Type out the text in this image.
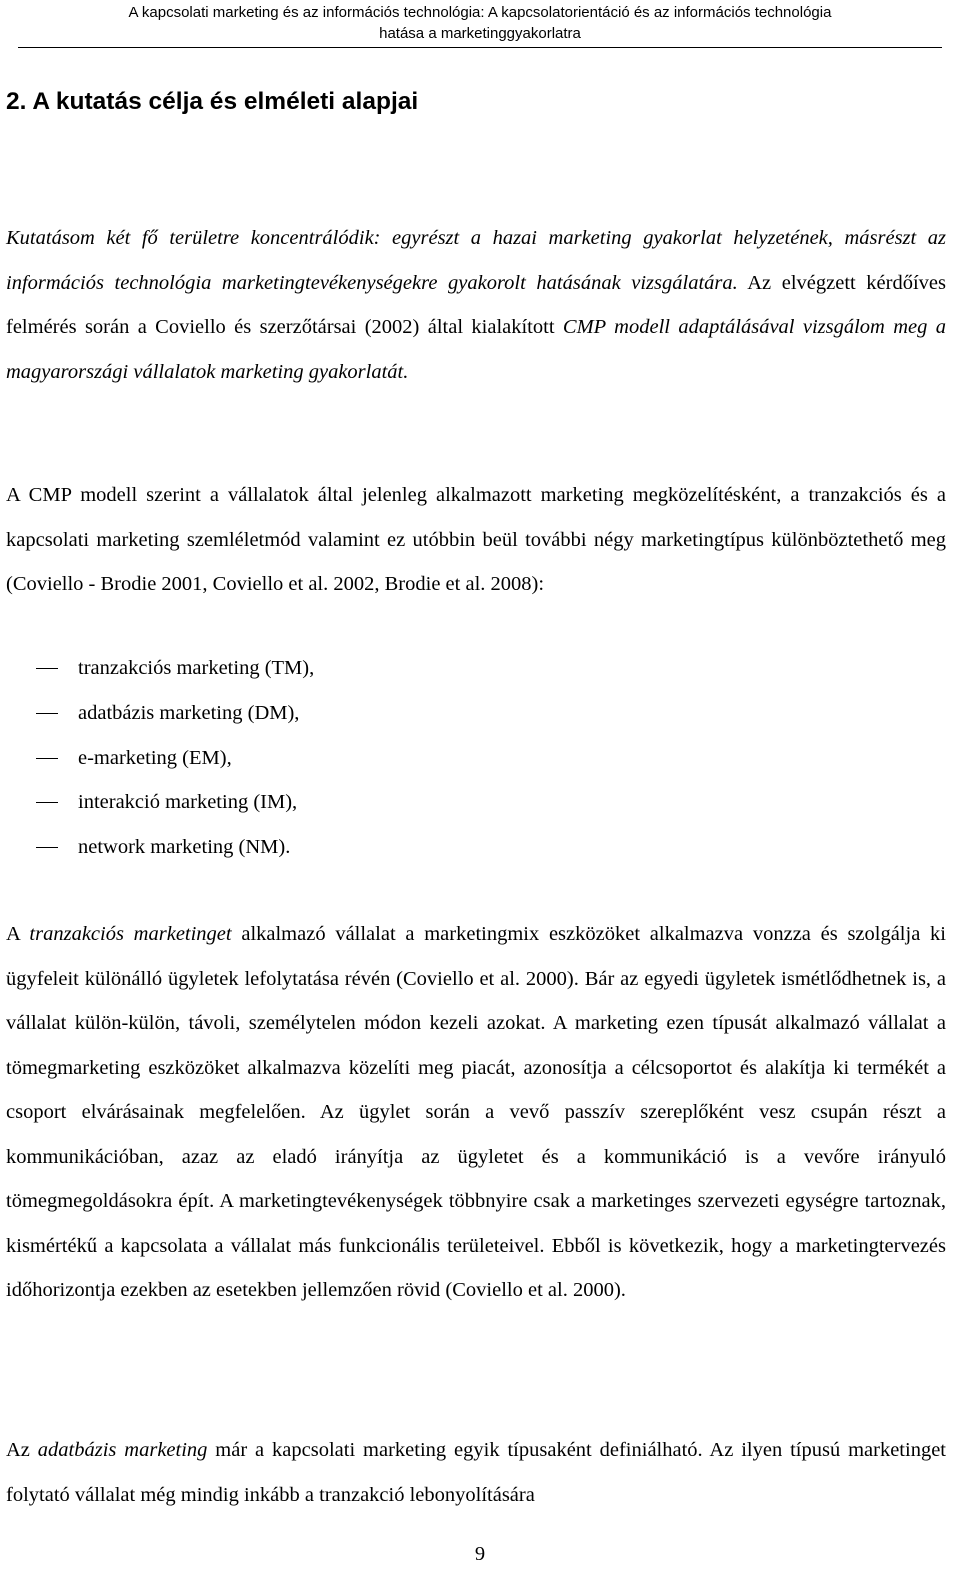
A kapcsolati marketing és az információs technológia: A kapcsolatorientáció és az információs technológia
hatása a marketinggyakorlatra
2. A kutatás célja és elméleti alapjai

Kutatásom két fő területre koncentrálódik: egyrészt a hazai marketing gyakorlat helyzetének, másrészt az információs technológia marketingtevékenységekre gyakorolt hatásának vizsgálatára. Az elvégzett kérdőíves felmérés során a Coviello és szerzőtársai (2002) által kialakított CMP modell adaptálásával vizsgálom meg a magyarországi vállalatok marketing gyakorlatát.

A CMP modell szerint a vállalatok által jelenleg alkalmazott marketing megközelítésként, a tranzakciós és a kapcsolati marketing szemléletmód valamint ez utóbbin beül további négy marketingtípus különböztethető meg (Coviello - Brodie 2001, Coviello et al. 2002, Brodie et al. 2008):

tranzakciós marketing (TM),
adatbázis marketing (DM),
e-marketing (EM),
interakció marketing (IM),
network marketing (NM).

A tranzakciós marketinget alkalmazó vállalat a marketingmix eszközöket alkalmazva vonzza és szolgálja ki ügyfeleit különálló ügyletek lefolytatása révén (Coviello et al. 2000). Bár az egyedi ügyletek ismétlődhetnek is, a vállalat külön-külön, távoli, személytelen módon kezeli azokat. A marketing ezen típusát alkalmazó vállalat a tömegmarketing eszközöket alkalmazva közelíti meg piacát, azonosítja a célcsoportot és alakítja ki termékét a csoport elvárásainak megfelelően. Az ügylet során a vevő passzív szereplőként vesz csupán részt a kommunikációban, azaz az eladó irányítja az ügyletet és a kommunikáció is a vevőre irányuló tömegmegoldásokra épít. A marketingtevékenységek többnyire csak a marketinges szervezeti egységre tartoznak, kismértékű a kapcsolata a vállalat más funkcionális területeivel. Ebből is következik, hogy a marketingtervezés időhorizontja ezekben az esetekben jellemzően rövid (Coviello et al. 2000).

Az adatbázis marketing már a kapcsolati marketing egyik típusaként definiálható. Az ilyen típusú marketinget folytató vállalat még mindig inkább a tranzakció lebonyolítására

9
